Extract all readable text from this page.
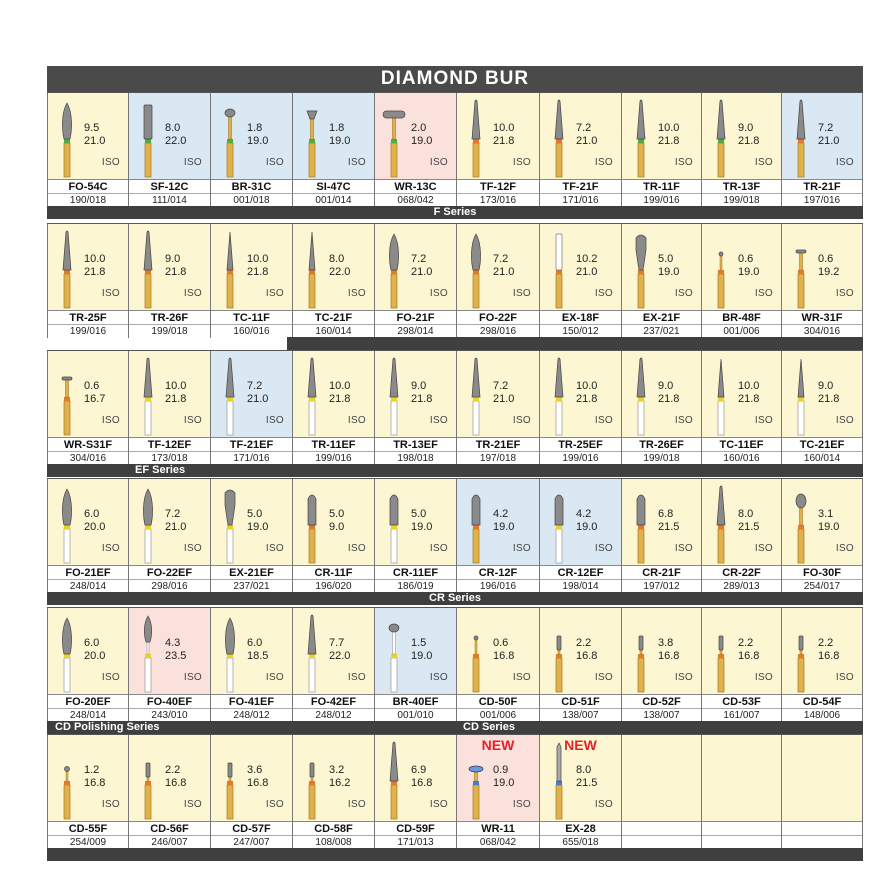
DIAMOND BUR
9.5
21.0
ISO
FO-54C
190/018
8.0
22.0
ISO
SF-12C
111/014
1.8
19.0
ISO
BR-31C
001/018
1.8
19.0
ISO
SI-47C
001/014
2.0
19.0
ISO
WR-13C
068/042
10.0
21.8
ISO
TF-12F
173/016
7.2
21.0
ISO
TF-21F
171/016
10.0
21.8
ISO
TR-11F
199/016
9.0
21.8
ISO
TR-13F
199/018
7.2
21.0
ISO
TR-21F
197/016
F Series
10.0
21.8
ISO
TR-25F
199/016
9.0
21.8
ISO
TR-26F
199/018
10.0
21.8
ISO
TC-11F
160/016
8.0
22.0
ISO
TC-21F
160/014
7.2
21.0
ISO
FO-21F
298/014
7.2
21.0
ISO
FO-22F
298/016
10.2
21.0
ISO
EX-18F
150/012
5.0
19.0
ISO
EX-21F
237/021
0.6
19.0
ISO
BR-48F
001/006
0.6
19.2
ISO
WR-31F
304/016
0.6
16.7
ISO
WR-S31F
304/016
10.0
21.8
ISO
TF-12EF
173/018
7.2
21.0
ISO
TF-21EF
171/016
10.0
21.8
ISO
TR-11EF
199/016
9.0
21.8
ISO
TR-13EF
198/018
7.2
21.0
ISO
TR-21EF
197/018
10.0
21.8
ISO
TR-25EF
199/016
9.0
21.8
ISO
TR-26EF
199/018
10.0
21.8
ISO
TC-11EF
160/016
9.0
21.8
ISO
TC-21EF
160/014
EF Series
6.0
20.0
ISO
FO-21EF
248/014
7.2
21.0
ISO
FO-22EF
298/016
5.0
19.0
ISO
EX-21EF
237/021
5.0
9.0
ISO
CR-11F
196/020
5.0
19.0
ISO
CR-11EF
186/019
4.2
19.0
ISO
CR-12F
196/016
4.2
19.0
ISO
CR-12EF
198/014
6.8
21.5
ISO
CR-21F
197/012
8.0
21.5
ISO
CR-22F
289/013
3.1
19.0
ISO
FO-30F
254/017
CR Series
6.0
20.0
ISO
FO-20EF
248/014
4.3
23.5
ISO
FO-40EF
243/010
6.0
18.5
ISO
FO-41EF
248/012
7.7
22.0
ISO
FO-42EF
248/012
1.5
19.0
ISO
BR-40EF
001/010
0.6
16.8
ISO
CD-50F
001/006
2.2
16.8
ISO
CD-51F
138/007
3.8
16.8
ISO
CD-52F
138/007
2.2
16.8
ISO
CD-53F
161/007
2.2
16.8
ISO
CD-54F
148/006
CD Polishing Series	CD Series
1.2
16.8
ISO
CD-55F
254/009
2.2
16.8
ISO
CD-56F
246/007
3.6
16.8
ISO
CD-57F
247/007
3.2
16.2
ISO
CD-58F
108/008
6.9
16.8
ISO
CD-59F
171/013
NEW
0.9
19.0
ISO
WR-11
068/042
NEW
8.0
21.5
ISO
EX-28
655/018
